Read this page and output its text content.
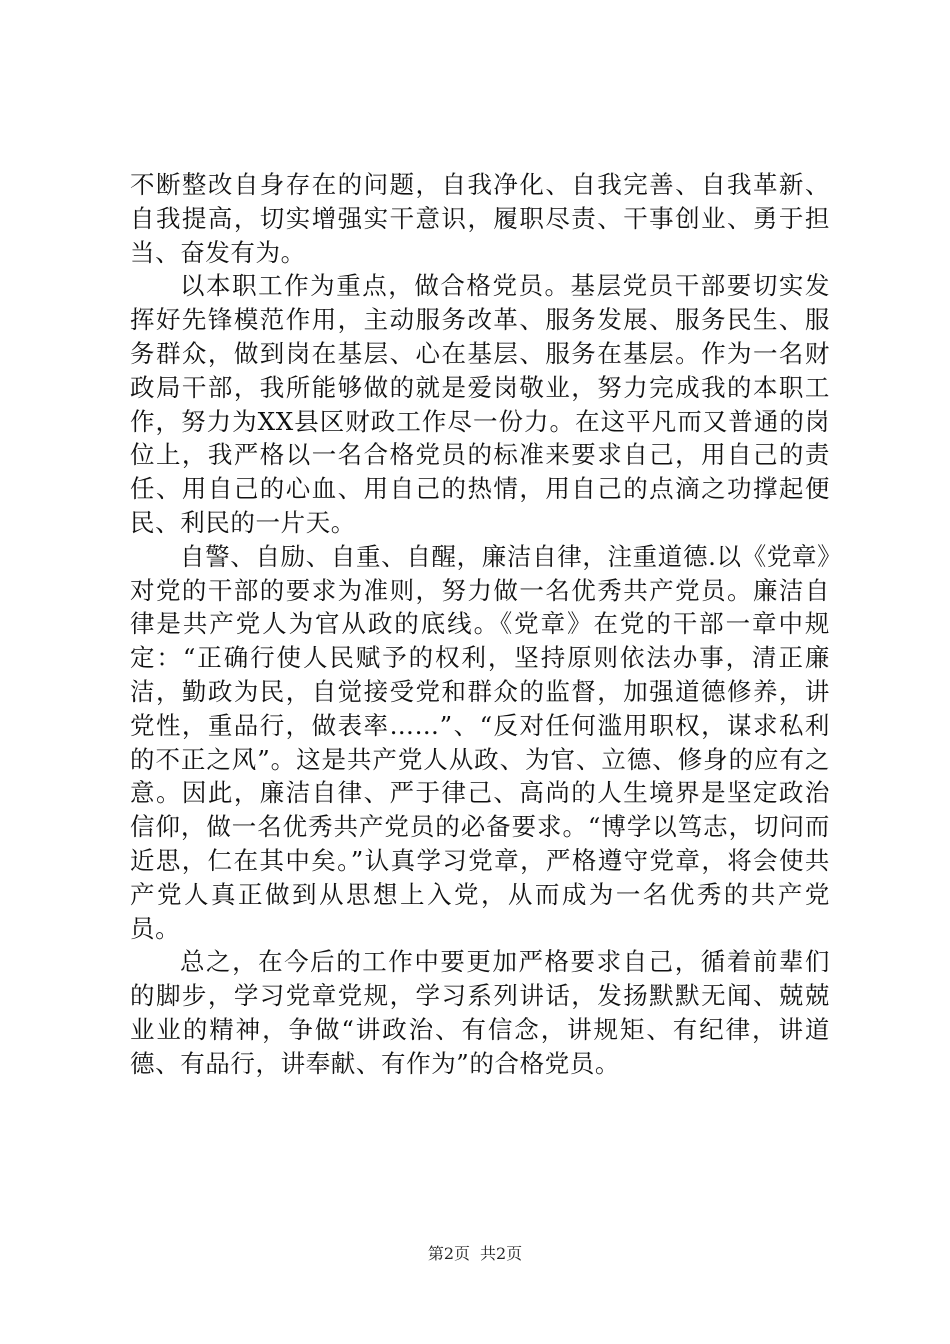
不断整改自身存在的问题，自我净化、自我完善、自我革新、自我提高，切实增强实干意识，履职尽责、干事创业、勇于担当、奋发有为。

以本职工作为重点，做合格党员。基层党员干部要切实发挥好先锋模范作用，主动服务改革、服务发展、服务民生、服务群众，做到岗在基层、心在基层、服务在基层。作为一名财政局干部，我所能够做的就是爱岗敬业，努力完成我的本职工作，努力为XX县区财政工作尽一份力。在这平凡而又普通的岗位上，我严格以一名合格党员的标准来要求自己，用自己的责任、用自己的心血、用自己的热情，用自己的点滴之功撑起便民、利民的一片天。

自警、自励、自重、自醒，廉洁自律，注重道德.以《党章》对党的干部的要求为准则，努力做一名优秀共产党员。廉洁自律是共产党人为官从政的底线。《党章》在党的干部一章中规定：“正确行使人民赋予的权利，坚持原则依法办事，清正廉洁，勤政为民，自觉接受党和群众的监督，加强道德修养，讲党性，重品行，做表率……”、“反对任何滥用职权，谋求私利的不正之风”。这是共产党人从政、为官、立德、修身的应有之意。因此，廉洁自律、严于律己、高尚的人生境界是坚定政治信仰，做一名优秀共产党员的必备要求。“博学以笃志，切问而近思，仁在其中矣。”认真学习党章，严格遵守党章，将会使共产党人真正做到从思想上入党，从而成为一名优秀的共产党员。

总之，在今后的工作中要更加严格要求自己，循着前辈们的脚步，学习党章党规，学习系列讲话，发扬默默无闻、兢兢业业的精神，争做“讲政治、有信念，讲规矩、有纪律，讲道德、有品行，讲奉献、有作为”的合格党员。

第2页 共2页
